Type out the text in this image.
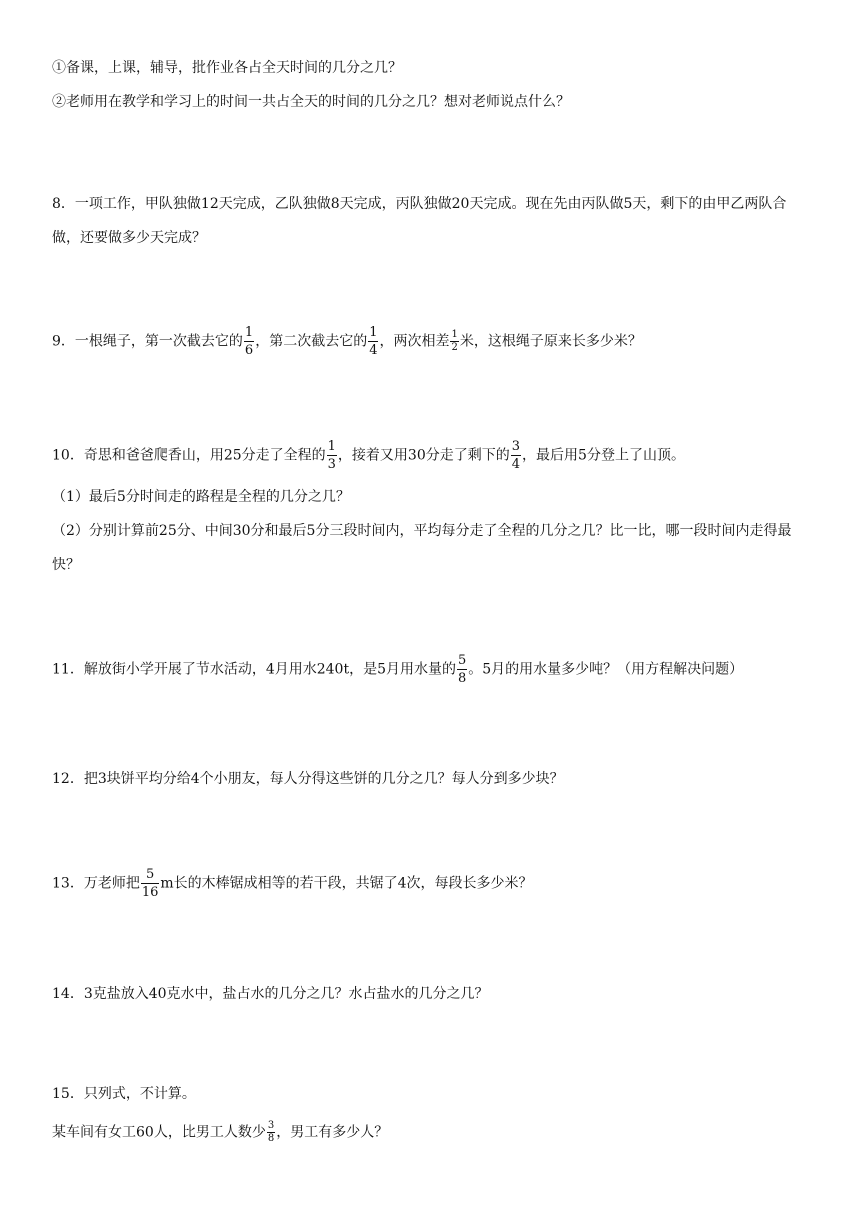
①备课，上课，辅导，批作业各占全天时间的几分之几？
②老师用在教学和学习上的时间一共占全天的时间的几分之几？想对老师说点什么？
8．一项工作，甲队独做12天完成，乙队独做8天完成，丙队独做20天完成。现在先由丙队做5天，剩下的由甲乙两队合做，还要做多少天完成？
9．一根绳子，第一次截去它的 $\frac{1}{6}$ ，第二次截去它的 $\frac{1}{4}$ ，两次相差 $\frac{1}{2}$ 米，这根绳子原来长多少米？
10．奇思和爸爸爬香山，用25分走了全程的 $\frac{1}{3}$ ，接着又用30分走了剩下的 $\frac{3}{4}$ ，最后用5分登上了山顶。
（1）最后5分时间走的路程是全程的几分之几？
（2）分别计算前25分、中间30分和最后5分三段时间内，平均每分走了全程的几分之几？比一比，哪一段时间内走得最快？
11．解放街小学开展了节水活动，4月用水240t，是5月用水量的 $\frac{5}{8}$ 。5月的用水量多少吨？（用方程解决问题）
12．把3块饼平均分给4个小朋友，每人分得这些饼的几分之几？每人分到多少块？
13．万老师把 $\frac{5}{16}$ m长的木棒锯成相等的若干段，共锯了4次，每段长多少米？
14．3克盐放入40克水中，盐占水的几分之几？水占盐水的几分之几？
15．只列式，不计算。
某车间有女工60人，比男工人数少 $\frac{3}{8}$ ，男工有多少人？
